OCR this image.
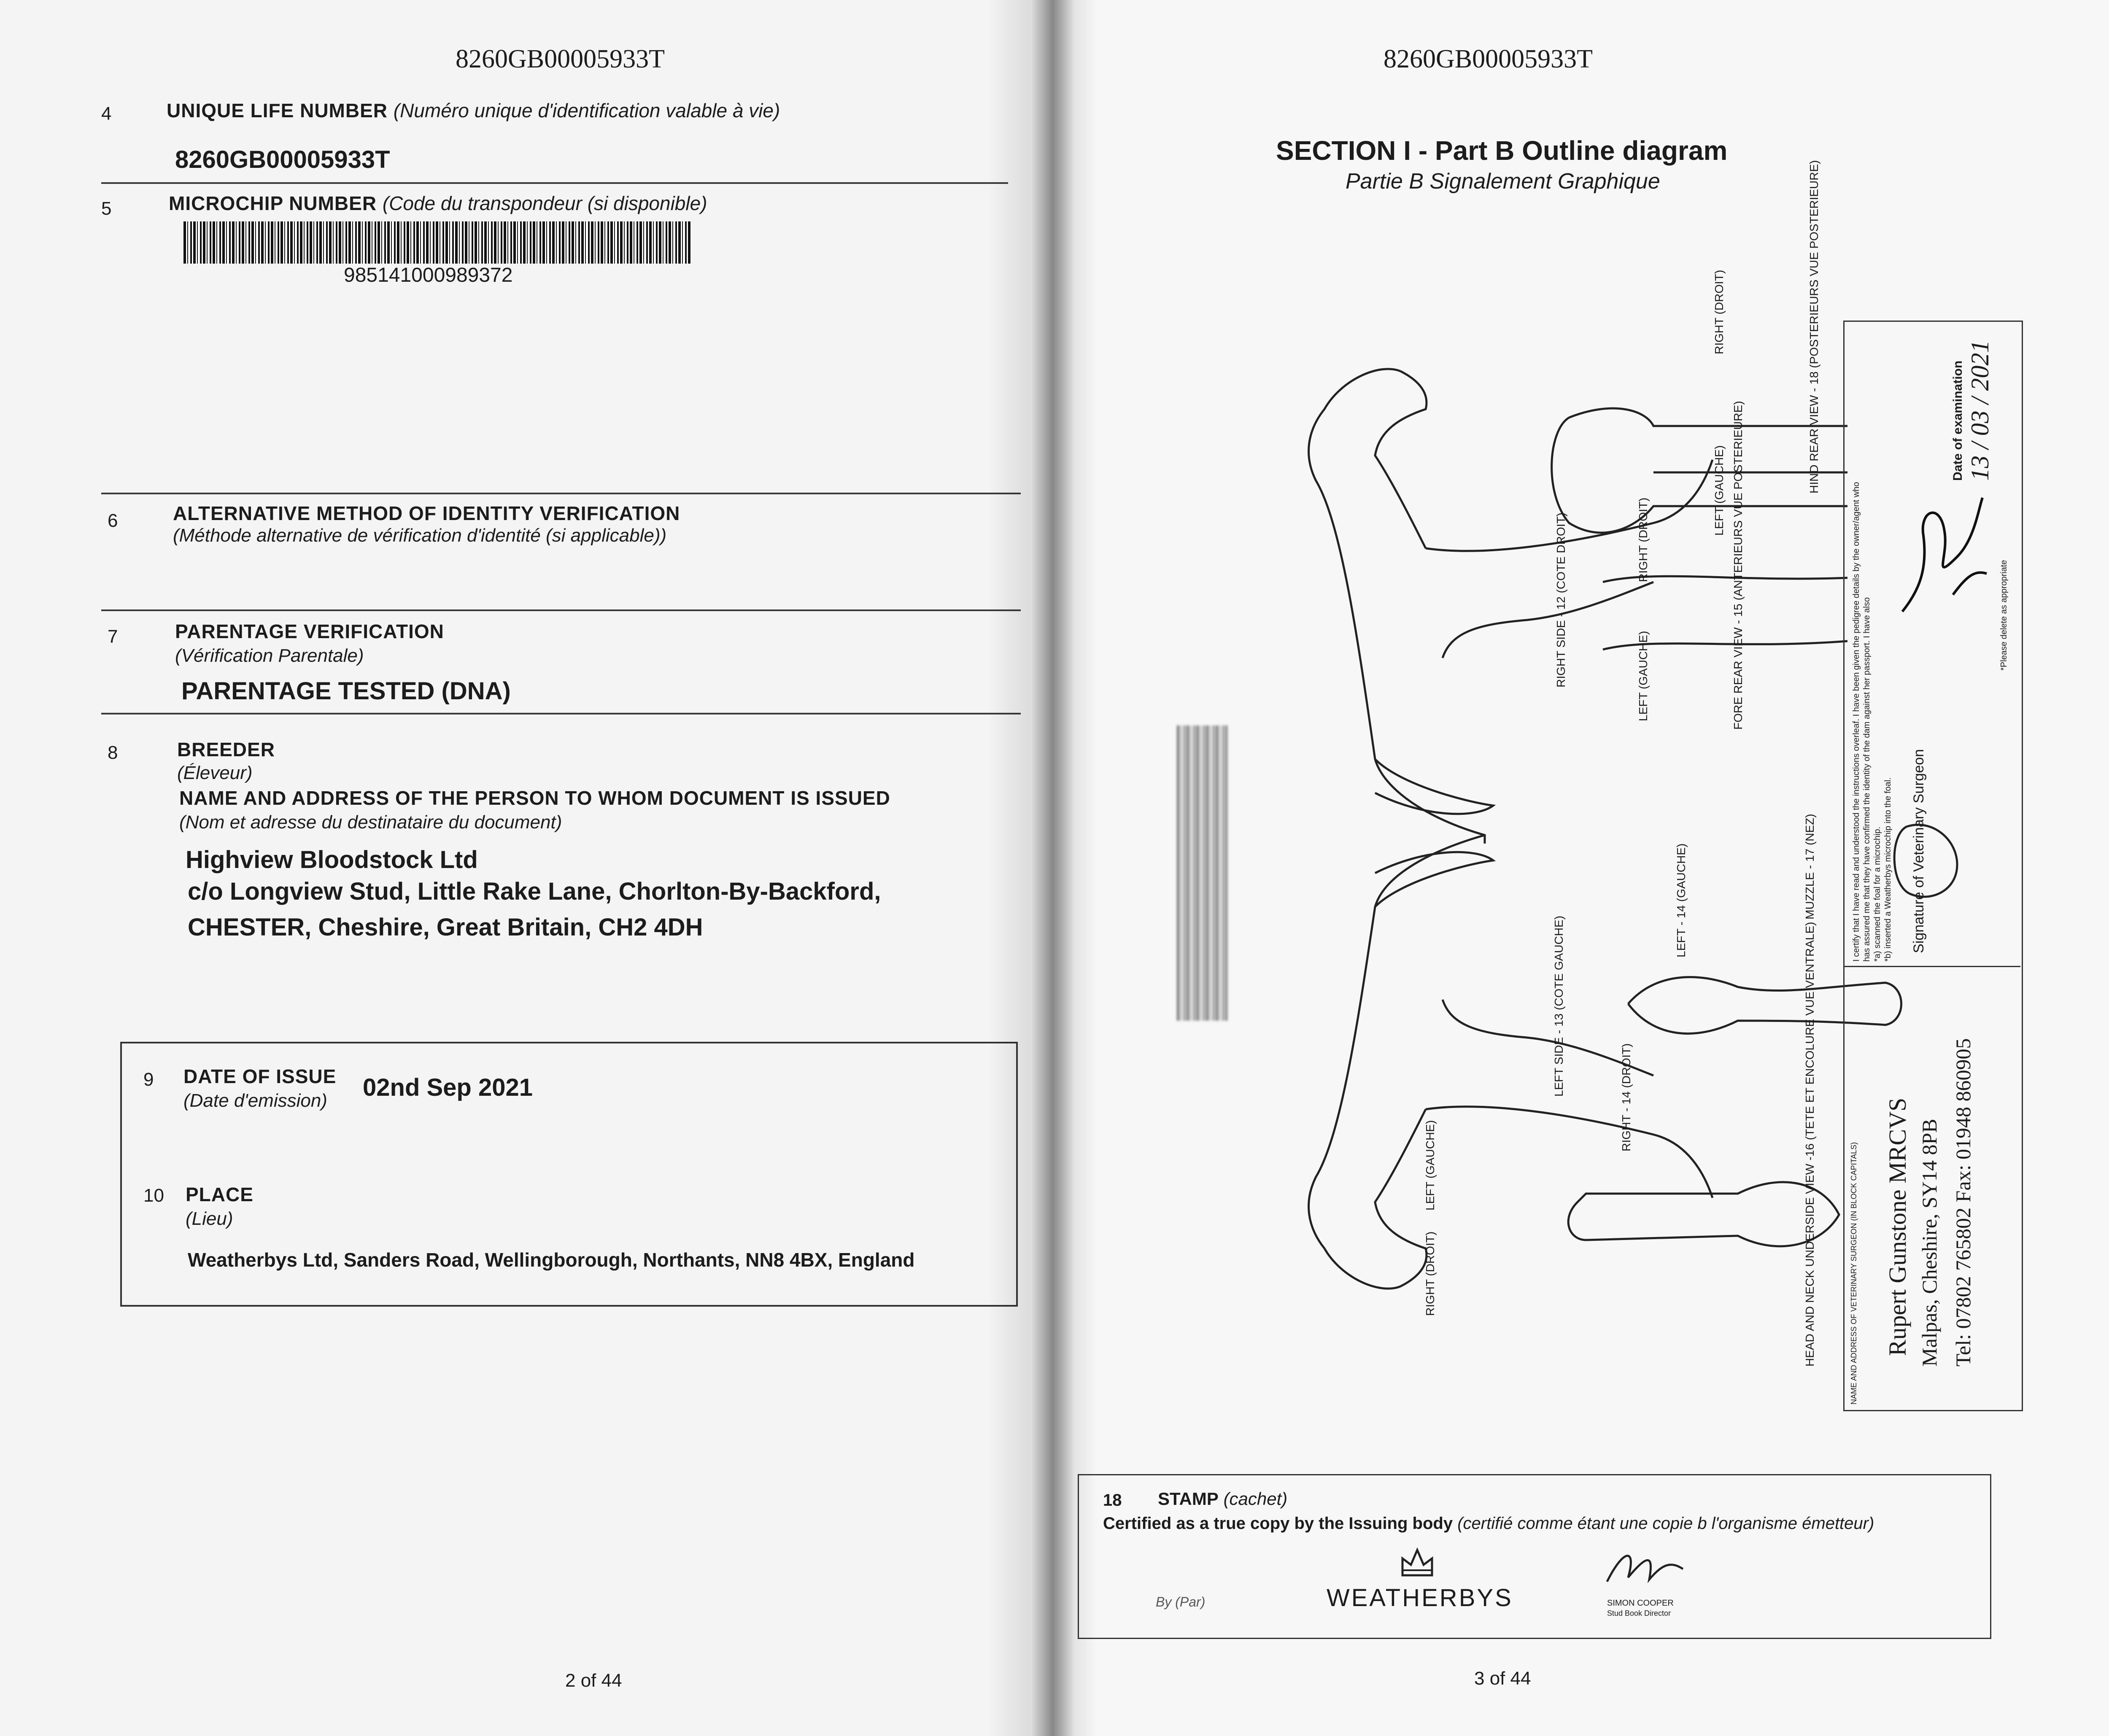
8260GB00005933T
4	UNIQUE LIFE NUMBER (Numéro unique d'identification valable à vie)
8260GB00005933T
5	MICROCHIP NUMBER (Code du transpondeur (si disponible)
985141000989372
6	ALTERNATIVE METHOD OF IDENTITY VERIFICATION
(Méthode alternative de vérification d'identité (si applicable))
7	PARENTAGE VERIFICATION
(Vérification Parentale)
PARENTAGE TESTED (DNA)
8	BREEDER
(Éleveur)
NAME AND ADDRESS OF THE PERSON TO WHOM DOCUMENT IS ISSUED
(Nom et adresse du destinataire du document)
Highview Bloodstock Ltd
c/o Longview Stud, Little Rake Lane, Chorlton-By-Backford,
CHESTER, Cheshire, Great Britain, CH2 4DH
9 DATE OF ISSUE
(Date d'emission) 02nd Sep 2021
10 PLACE
(Lieu)
Weatherbys Ltd, Sanders Road, Wellingborough, Northants, NN8 4BX, England
2 of 44
8260GB00005933T
SECTION I - Part B Outline diagram
Partie B Signalement Graphique
RIGHT SIDE - 12 (COTE DROIT)
LEFT SIDE - 13 (COTE GAUCHE)	LEFT - 14 (GAUCHE)
RIGHT - 14 (DROIT)
FORE REAR VIEW - 15 (ANTERIEURS VUE POSTERIEURE)
HIND REAR VIEW - 18 (POSTERIEURS VUE POSTERIEURE)
HEAD AND NECK UNDERSIDE VIEW -16 (TETE ET ENCOLURE VUE VENTRALE)
MUZZLE - 17 (NEZ)
LEFT (GAUCHE)
RIGHT (DROIT)	LEFT (GAUCHE)
RIGHT (DROIT)
LEFT (GAUCHE)
RIGHT (DROIT)
I certify that I have read and understood the instructions overleaf. I have been given the pedigree details by the owner/agent who has assured me that they have confirmed the identity of the dam against her passport. I have also *a) scanned the foal for a microchip. *b) inserted a Weatherbys microchip into the foal. Signature of Veterinary Surgeon
Date of examination 13 / 03 / 2021
*Please delete as appropriate
NAME AND ADDRESS OF VETERINARY SURGEON (IN BLOCK CAPITALS) Rupert Gunstone MRCVS Malpas, Cheshire, SY14 8PB Tel: 07802 765802 Fax: 01948 860905
18 STAMP (cachet)
Certified as a true copy by the Issuing body (certifié comme étant une copie b l'organisme émetteur)
By (Par)	WEATHERBYS	SIMON COOPER
Stud Book Director
3 of 44
